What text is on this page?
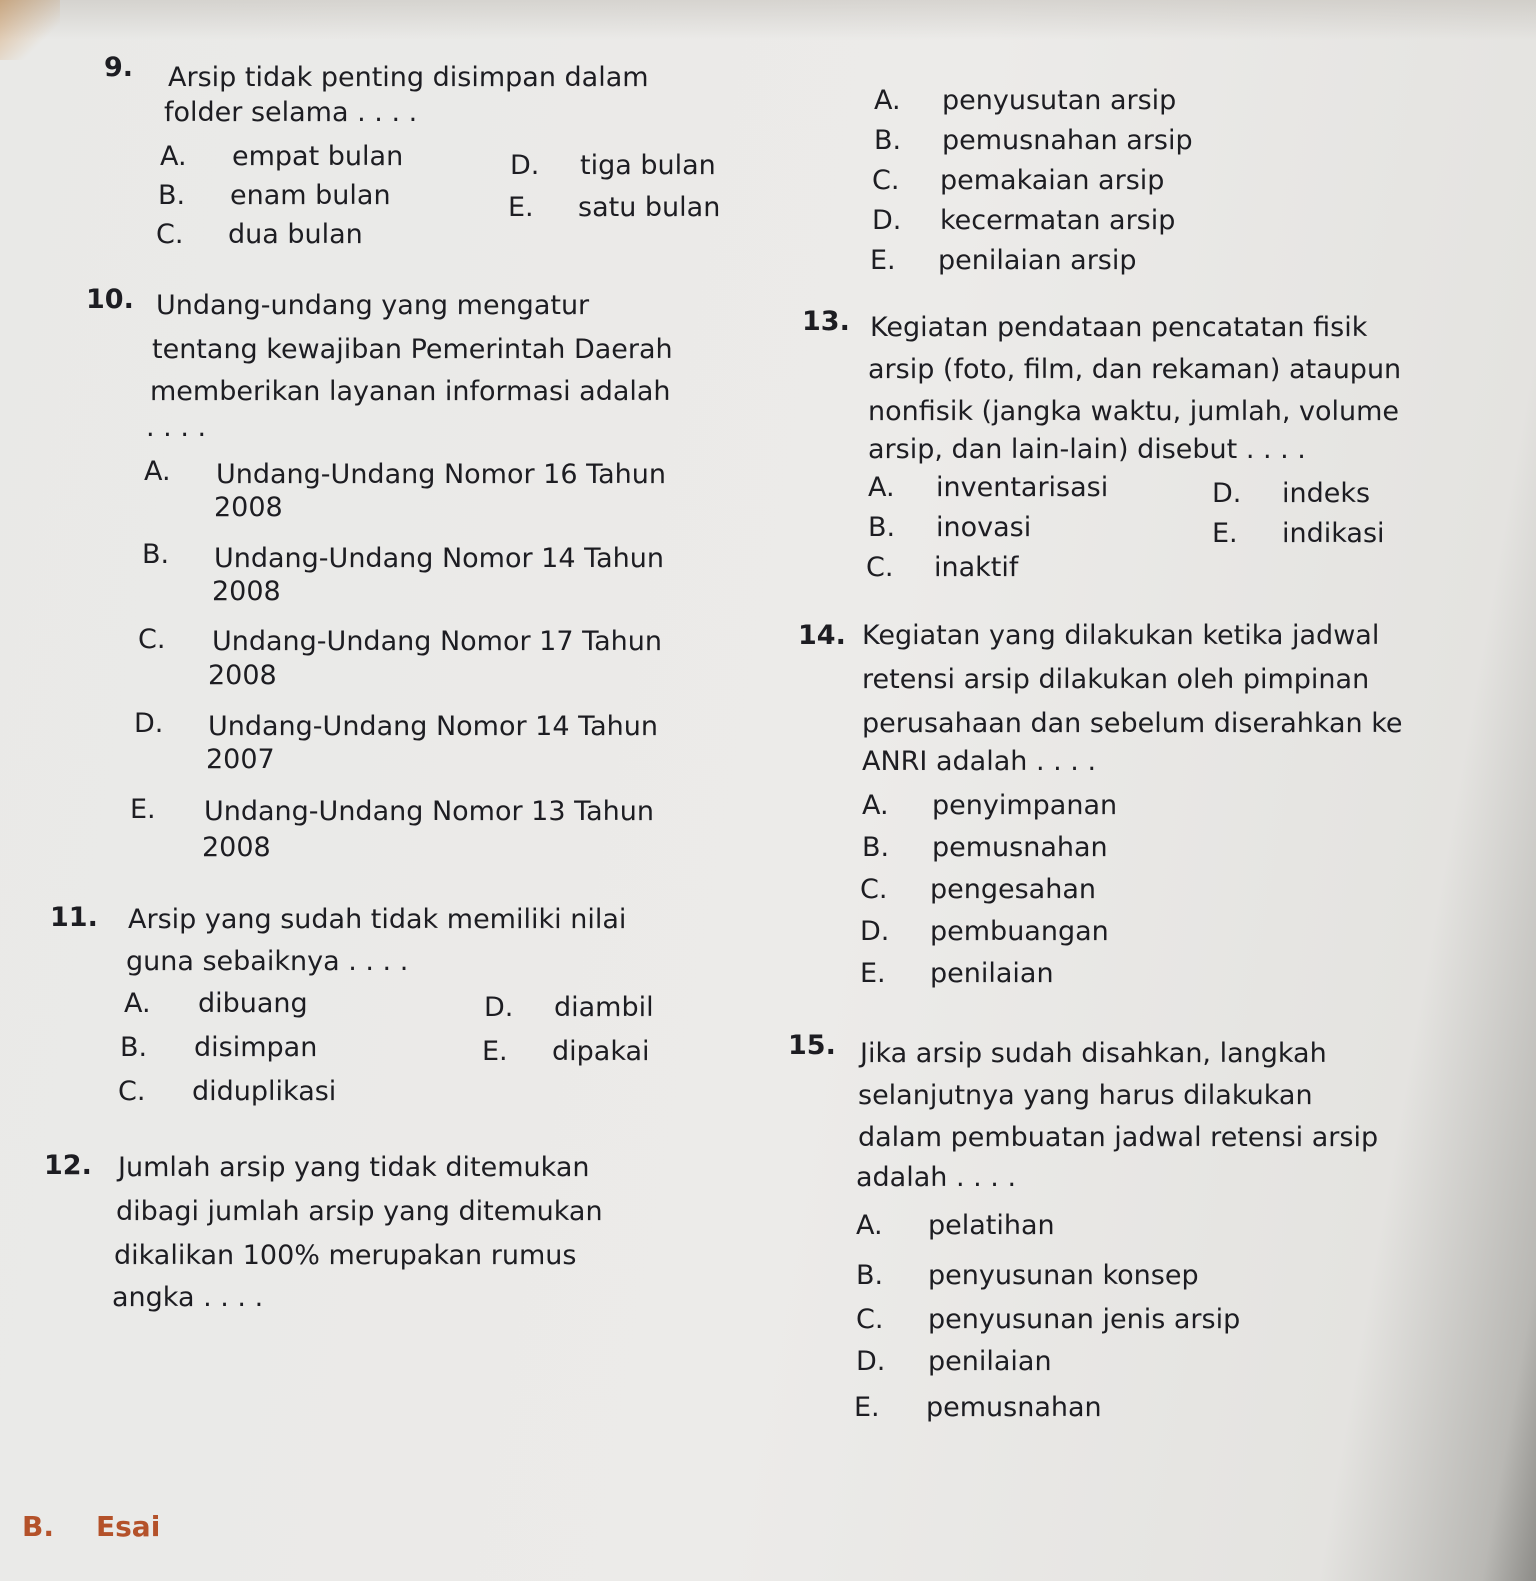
9. Arsip tidak penting disimpan dalam
folder selama . . . .
A. empat bulan
B. enam bulan
C. dua bulan
D. tiga bulan
E. satu bulan
A. penyusutan arsip
B. pemusnahan arsip
C. pemakaian arsip
D. kecermatan arsip
E. penilaian arsip
10. Undang-undang yang mengatur
tentang kewajiban Pemerintah Daerah
memberikan layanan informasi adalah
. . . .
A. Undang-Undang Nomor 16 Tahun
2008
B. Undang-Undang Nomor 14 Tahun
2008
C. Undang-Undang Nomor 17 Tahun
2008
D. Undang-Undang Nomor 14 Tahun
2007
E. Undang-Undang Nomor 13 Tahun
2008
13. Kegiatan pendataan pencatatan fisik
arsip (foto, film, dan rekaman) ataupun
nonfisik (jangka waktu, jumlah, volume
arsip, dan lain-lain) disebut . . . .
A. inventarisasi
B. inovasi
C. inaktif
D. indeks
E. indikasi
14. Kegiatan yang dilakukan ketika jadwal
retensi arsip dilakukan oleh pimpinan
perusahaan dan sebelum diserahkan ke
ANRI adalah . . . .
A. penyimpanan
B. pemusnahan
C. pengesahan
D. pembuangan
E. penilaian
11. Arsip yang sudah tidak memiliki nilai
guna sebaiknya . . . .
A. dibuang
B. disimpan
C. diduplikasi
D. diambil
E. dipakai	15. Jika arsip sudah disahkan, langkah
selanjutnya yang harus dilakukan
dalam pembuatan jadwal retensi arsip
adalah . . . .
A. pelatihan
B. penyusunan konsep
C. penyusunan jenis arsip
D. penilaian
E. pemusnahan
12. Jumlah arsip yang tidak ditemukan
dibagi jumlah arsip yang ditemukan
dikalikan 100% merupakan rumus
angka . . . .
B. Esai
